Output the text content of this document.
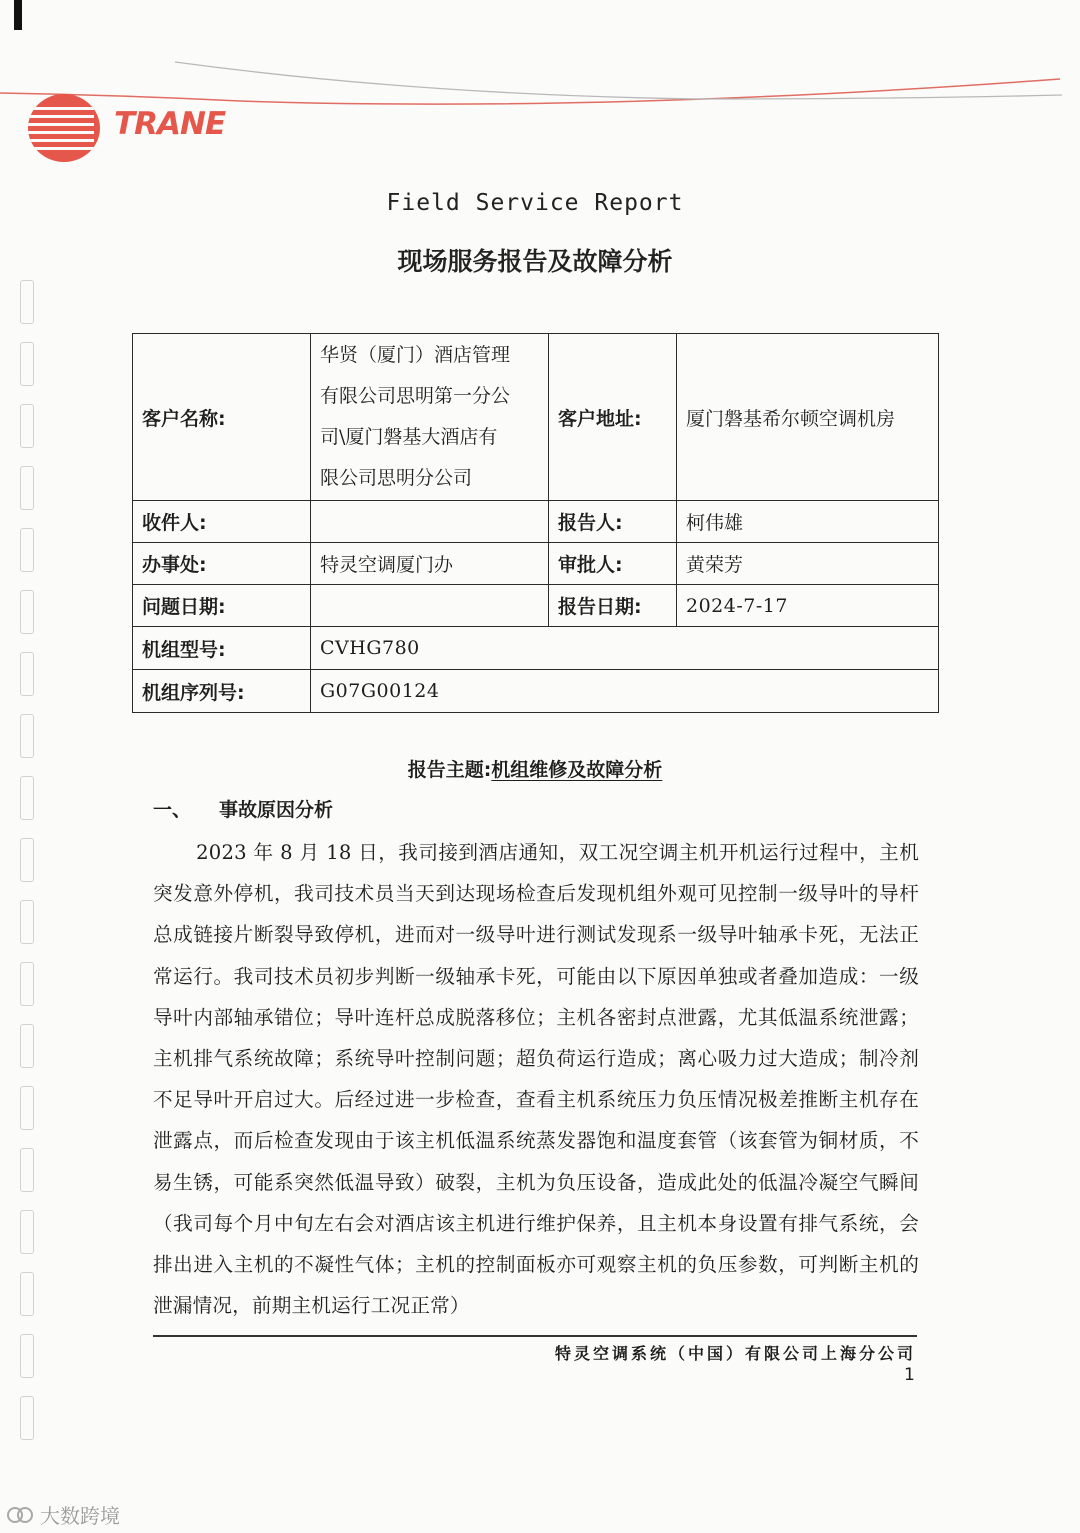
TRANE
Field Service Report
现场服务报告及故障分析
客户名称:	华贤（厦门）酒店管理
有限公司思明第一分公
司\厦门磐基大酒店有
限公司思明分公司	客户地址:	厦门磐基希尔顿空调机房
收件人:		报告人:	柯伟雄
办事处:	特灵空调厦门办	审批人:	黄荣芳
问题日期:		报告日期:	2024-7-17
机组型号:	CVHG780		
机组序列号:	G07G00124		
报告主题:机组维修及故障分析
一、 事故原因分析

2023 年 8 月 18 日，我司接到酒店通知，双工况空调主机开机运行过程中，主机突发意外停机，我司技术员当天到达现场检查后发现机组外观可见控制一级导叶的导杆总成链接片断裂导致停机，进而对一级导叶进行测试发现系一级导叶轴承卡死，无法正常运行。我司技术员初步判断一级轴承卡死，可能由以下原因单独或者叠加造成：一级导叶内部轴承错位；导叶连杆总成脱落移位；主机各密封点泄露，尤其低温系统泄露；主机排气系统故障；系统导叶控制问题；超负荷运行造成；离心吸力过大造成；制冷剂不足导叶开启过大。后经过进一步检查，查看主机系统压力负压情况极差推断主机存在泄露点，而后检查发现由于该主机低温系统蒸发器饱和温度套管（该套管为铜材质，不易生锈，可能系突然低温导致）破裂，主机为负压设备，造成此处的低温冷凝空气瞬间（我司每个月中旬左右会对酒店该主机进行维护保养，且主机本身设置有排气系统，会排出进入主机的不凝性气体；主机的控制面板亦可观察主机的负压参数，可判断主机的泄漏情况，前期主机运行工况正常）

特灵空调系统（中国）有限公司上海分公司
1
大数跨境
